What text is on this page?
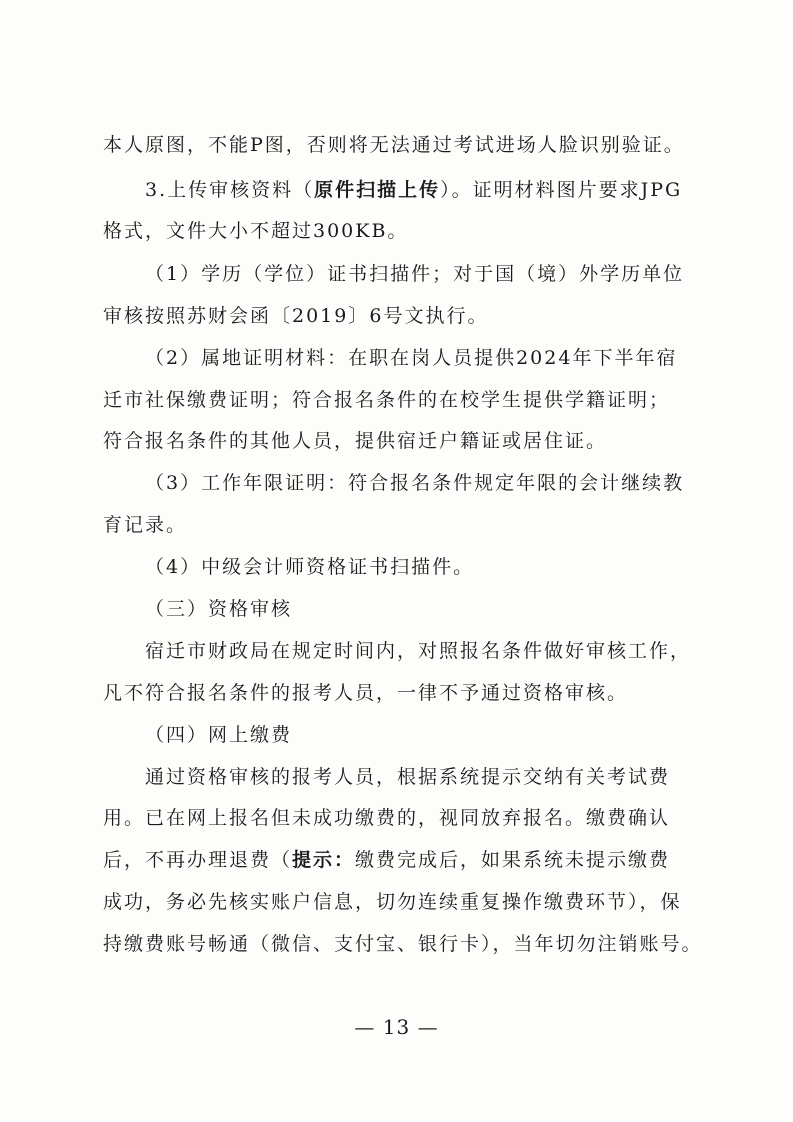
本人原图，不能P图，否则将无法通过考试进场人脸识别验证。
3.上传审核资料（原件扫描上传）。证明材料图片要求JPG
格式，文件大小不超过300KB。
（1）学历（学位）证书扫描件；对于国（境）外学历单位
审核按照苏财会函〔2019〕6号文执行。
（2）属地证明材料：在职在岗人员提供2024年下半年宿
迁市社保缴费证明；符合报名条件的在校学生提供学籍证明；
符合报名条件的其他人员，提供宿迁户籍证或居住证。
（3）工作年限证明：符合报名条件规定年限的会计继续教
育记录。
（4）中级会计师资格证书扫描件。
（三）资格审核
宿迁市财政局在规定时间内，对照报名条件做好审核工作，
凡不符合报名条件的报考人员，一律不予通过资格审核。
（四）网上缴费
通过资格审核的报考人员，根据系统提示交纳有关考试费
用。已在网上报名但未成功缴费的，视同放弃报名。缴费确认
后，不再办理退费（提示：缴费完成后，如果系统未提示缴费
成功，务必先核实账户信息，切勿连续重复操作缴费环节），保
持缴费账号畅通（微信、支付宝、银行卡），当年切勿注销账号。
— 13 —
